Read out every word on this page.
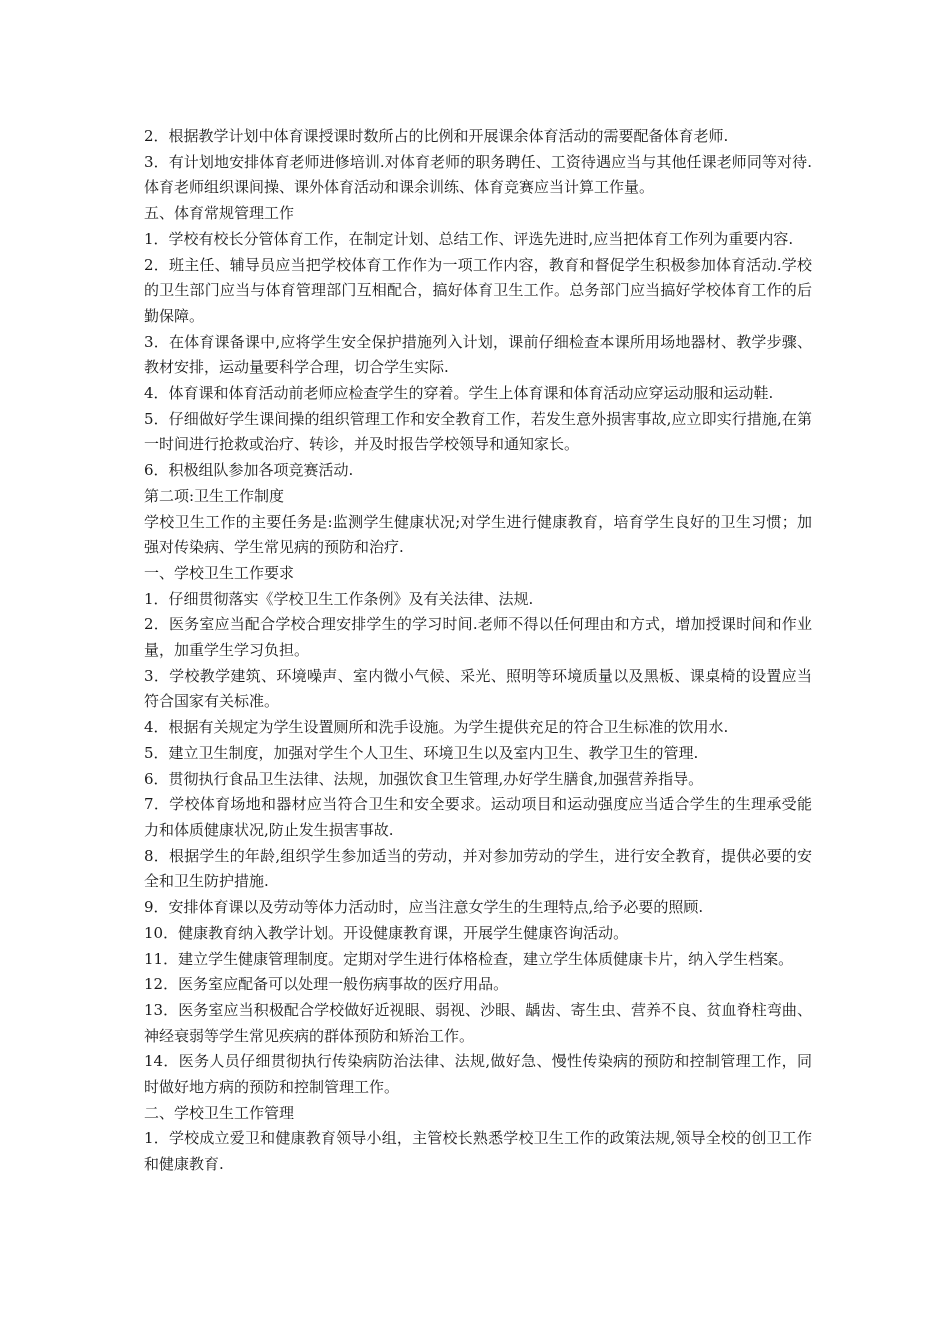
2．根据教学计划中体育课授课时数所占的比例和开展课余体育活动的需要配备体育老师.

3．有计划地安排体育老师进修培训.对体育老师的职务聘任、工资待遇应当与其他任课老师同等对待.体育老师组织课间操、课外体育活动和课余训练、体育竞赛应当计算工作量。

五、体育常规管理工作

1．学校有校长分管体育工作，在制定计划、总结工作、评选先进时,应当把体育工作列为重要内容.

2．班主任、辅导员应当把学校体育工作作为一项工作内容，教育和督促学生积极参加体育活动.学校的卫生部门应当与体育管理部门互相配合，搞好体育卫生工作。总务部门应当搞好学校体育工作的后勤保障。

3．在体育课备课中,应将学生安全保护措施列入计划，课前仔细检查本课所用场地器材、教学步骤、教材安排，运动量要科学合理，切合学生实际.

4．体育课和体育活动前老师应检查学生的穿着。学生上体育课和体育活动应穿运动服和运动鞋.

5．仔细做好学生课间操的组织管理工作和安全教育工作，若发生意外损害事故,应立即实行措施,在第一时间进行抢救或治疗、转诊，并及时报告学校领导和通知家长。

6．积极组队参加各项竞赛活动.

第二项:卫生工作制度

学校卫生工作的主要任务是:监测学生健康状况;对学生进行健康教育，培育学生良好的卫生习惯；加强对传染病、学生常见病的预防和治疗.

一、学校卫生工作要求

1．仔细贯彻落实《学校卫生工作条例》及有关法律、法规.

2．医务室应当配合学校合理安排学生的学习时间.老师不得以任何理由和方式，增加授课时间和作业量，加重学生学习负担。

3．学校教学建筑、环境噪声、室内微小气候、采光、照明等环境质量以及黑板、课桌椅的设置应当符合国家有关标准。

4．根据有关规定为学生设置厕所和洗手设施。为学生提供充足的符合卫生标准的饮用水.

5．建立卫生制度，加强对学生个人卫生、环境卫生以及室内卫生、教学卫生的管理.

6．贯彻执行食品卫生法律、法规，加强饮食卫生管理,办好学生膳食,加强营养指导。

7．学校体育场地和器材应当符合卫生和安全要求。运动项目和运动强度应当适合学生的生理承受能力和体质健康状况,防止发生损害事故.

8．根据学生的年龄,组织学生参加适当的劳动，并对参加劳动的学生，进行安全教育，提供必要的安全和卫生防护措施.

9．安排体育课以及劳动等体力活动时，应当注意女学生的生理特点,给予必要的照顾.

10．健康教育纳入教学计划。开设健康教育课，开展学生健康咨询活动。

11．建立学生健康管理制度。定期对学生进行体格检查，建立学生体质健康卡片，纳入学生档案。

12．医务室应配备可以处理一般伤病事故的医疗用品。

13．医务室应当积极配合学校做好近视眼、弱视、沙眼、龋齿、寄生虫、营养不良、贫血脊柱弯曲、神经衰弱等学生常见疾病的群体预防和矫治工作。

14．医务人员仔细贯彻执行传染病防治法律、法规,做好急、慢性传染病的预防和控制管理工作，同时做好地方病的预防和控制管理工作。

二、学校卫生工作管理

1．学校成立爱卫和健康教育领导小组，主管校长熟悉学校卫生工作的政策法规,领导全校的创卫工作和健康教育.
